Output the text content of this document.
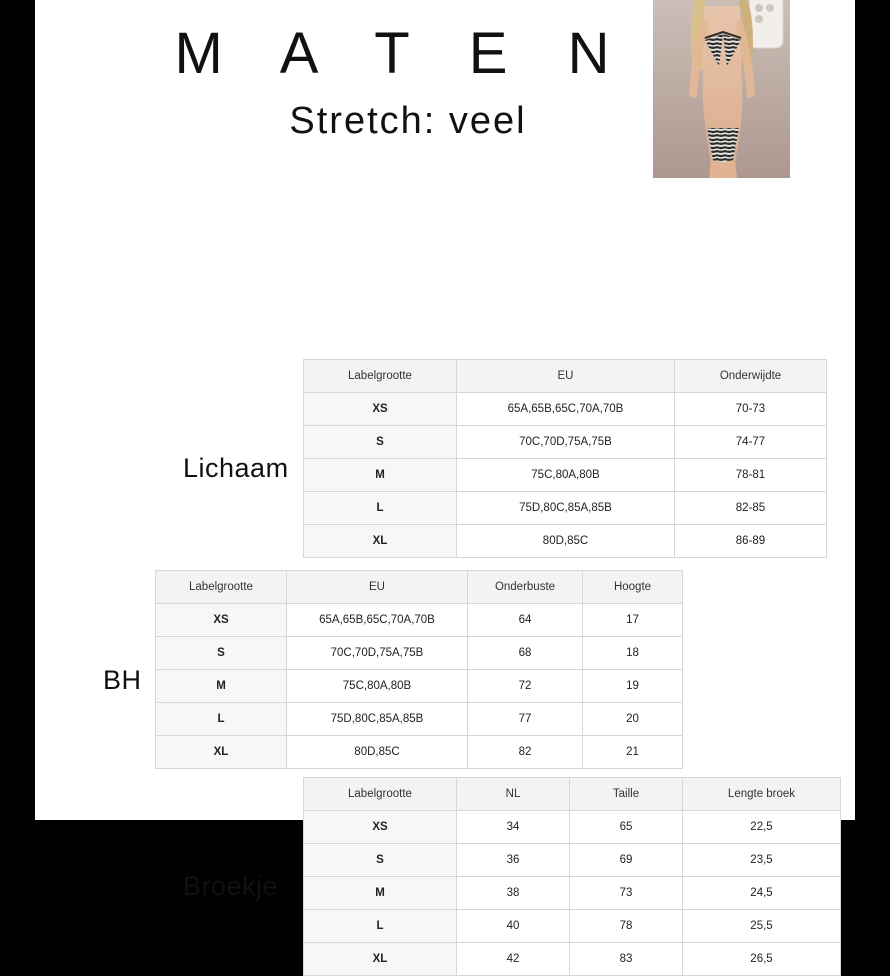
M A T E N
Stretch: veel
Lichaam
Labelgrootte	EU	Onderwijdte
XS	65A,65B,65C,70A,70B	70-73
S	70C,70D,75A,75B	74-77
M	75C,80A,80B	78-81
L	75D,80C,85A,85B	82-85
XL	80D,85C	86-89
BH
Labelgrootte	EU	Onderbuste	Hoogte
XS	65A,65B,65C,70A,70B	64	17
S	70C,70D,75A,75B	68	18
M	75C,80A,80B	72	19
L	75D,80C,85A,85B	77	20
XL	80D,85C	82	21
Broekje
Labelgrootte	NL	Taille	Lengte broek
XS	34	65	22,5
S	36	69	23,5
M	38	73	24,5
L	40	78	25,5
XL	42	83	26,5
